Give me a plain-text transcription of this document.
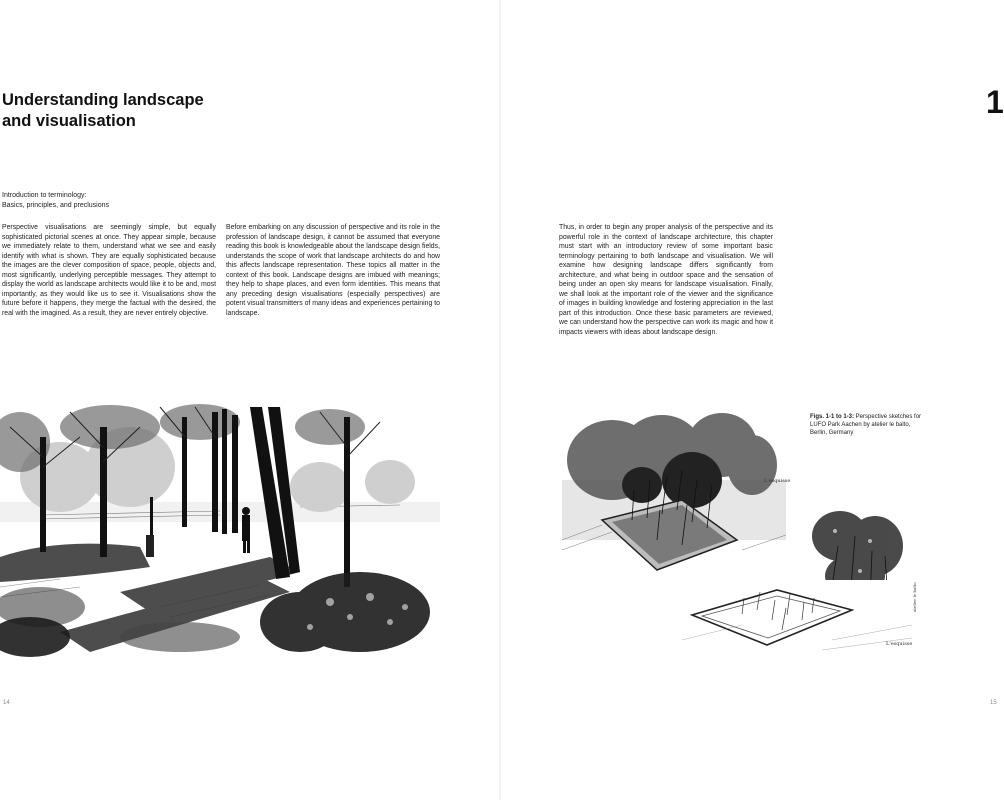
Understanding landscape
and visualisation
1
Introduction to terminology:
Basics, principles, and preclusions

Perspective visualisations are seemingly simple, but equally sophisticated pictorial scenes at once. They appear simple, because we immediately relate to them, understand what we see and easily identify with what is shown. They are equally sophisticated because the images are the clever composition of space, people, objects and, most significantly, underlying perceptible messages. They attempt to display the world as landscape architects would like it to be and, most importantly, as they would like us to see it. Visualisations show the future before it happens, they merge the factual with the desired, the real with the imagined. As a result, they are never entirely objective.

Before embarking on any discussion of perspective and its role in the profession of landscape design, it cannot be assumed that everyone reading this book is knowledgeable about the landscape design fields, understands the scope of work that landscape architects do and how this affects landscape representation. These topics all matter in the context of this book. Landscape designs are imbued with meanings; they help to shape places, and even form identities. This means that any preceding design visualisations (especially perspectives) are potent visual transmitters of many ideas and experiences pertaining to landscape.

Thus, in order to begin any proper analysis of the perspective and its powerful role in the context of landscape architecture, this chapter must start with an introductory review of some important basic terminology pertaining to both landscape and visualisation. We will examine how designing landscape differs significantly from architecture, and what being in outdoor space and the sensation of being under an open sky means for landscape visualisation. Finally, we shall look at the important role of the viewer and the significance of images in building knowledge and fostering appreciation in the last part of this introduction. Once these basic parameters are reviewed, we can understand how the perspective can work its magic and how it impacts viewers with ideas about landscape design.

L'esquisse
L'esquisse
atelier le balto
Figs. 1-1 to 1-3: Perspective sketches for LUFO Park Aachen by atelier le balto, Berlin, Germany
14	15
